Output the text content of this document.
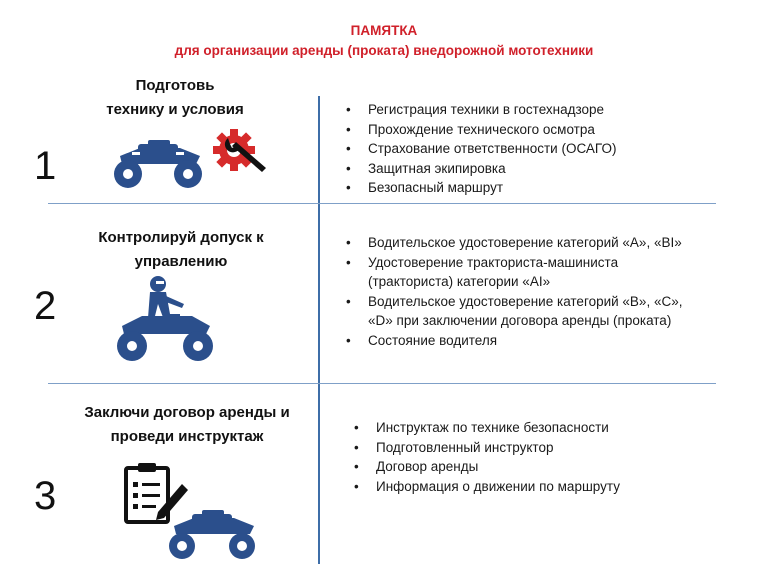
ПАМЯТКА
для организации аренды (проката) внедорожной мототехники
1
Подготовь
технику и условия
•	Регистрация техники в гостехнадзоре
• Прохождение технического осмотра
• Страхование ответственности (ОСАГО)
• Защитная экипировка
• Безопасный маршрут
2
Контролируй допуск к
управлению
• Водительское удостоверение категорий «А», «BI»
• Удостоверение тракториста-машиниста
(тракториста) категории «AI»
• Водительское удостоверение категорий «В», «С»,
«D» при заключении договора аренды (проката)
• Состояние водителя
3
Заключи договор аренды и
проведи инструктаж
• Инструктаж по технике безопасности
• Подготовленный инструктор
• Договор аренды
• Информация о движении по маршруту
